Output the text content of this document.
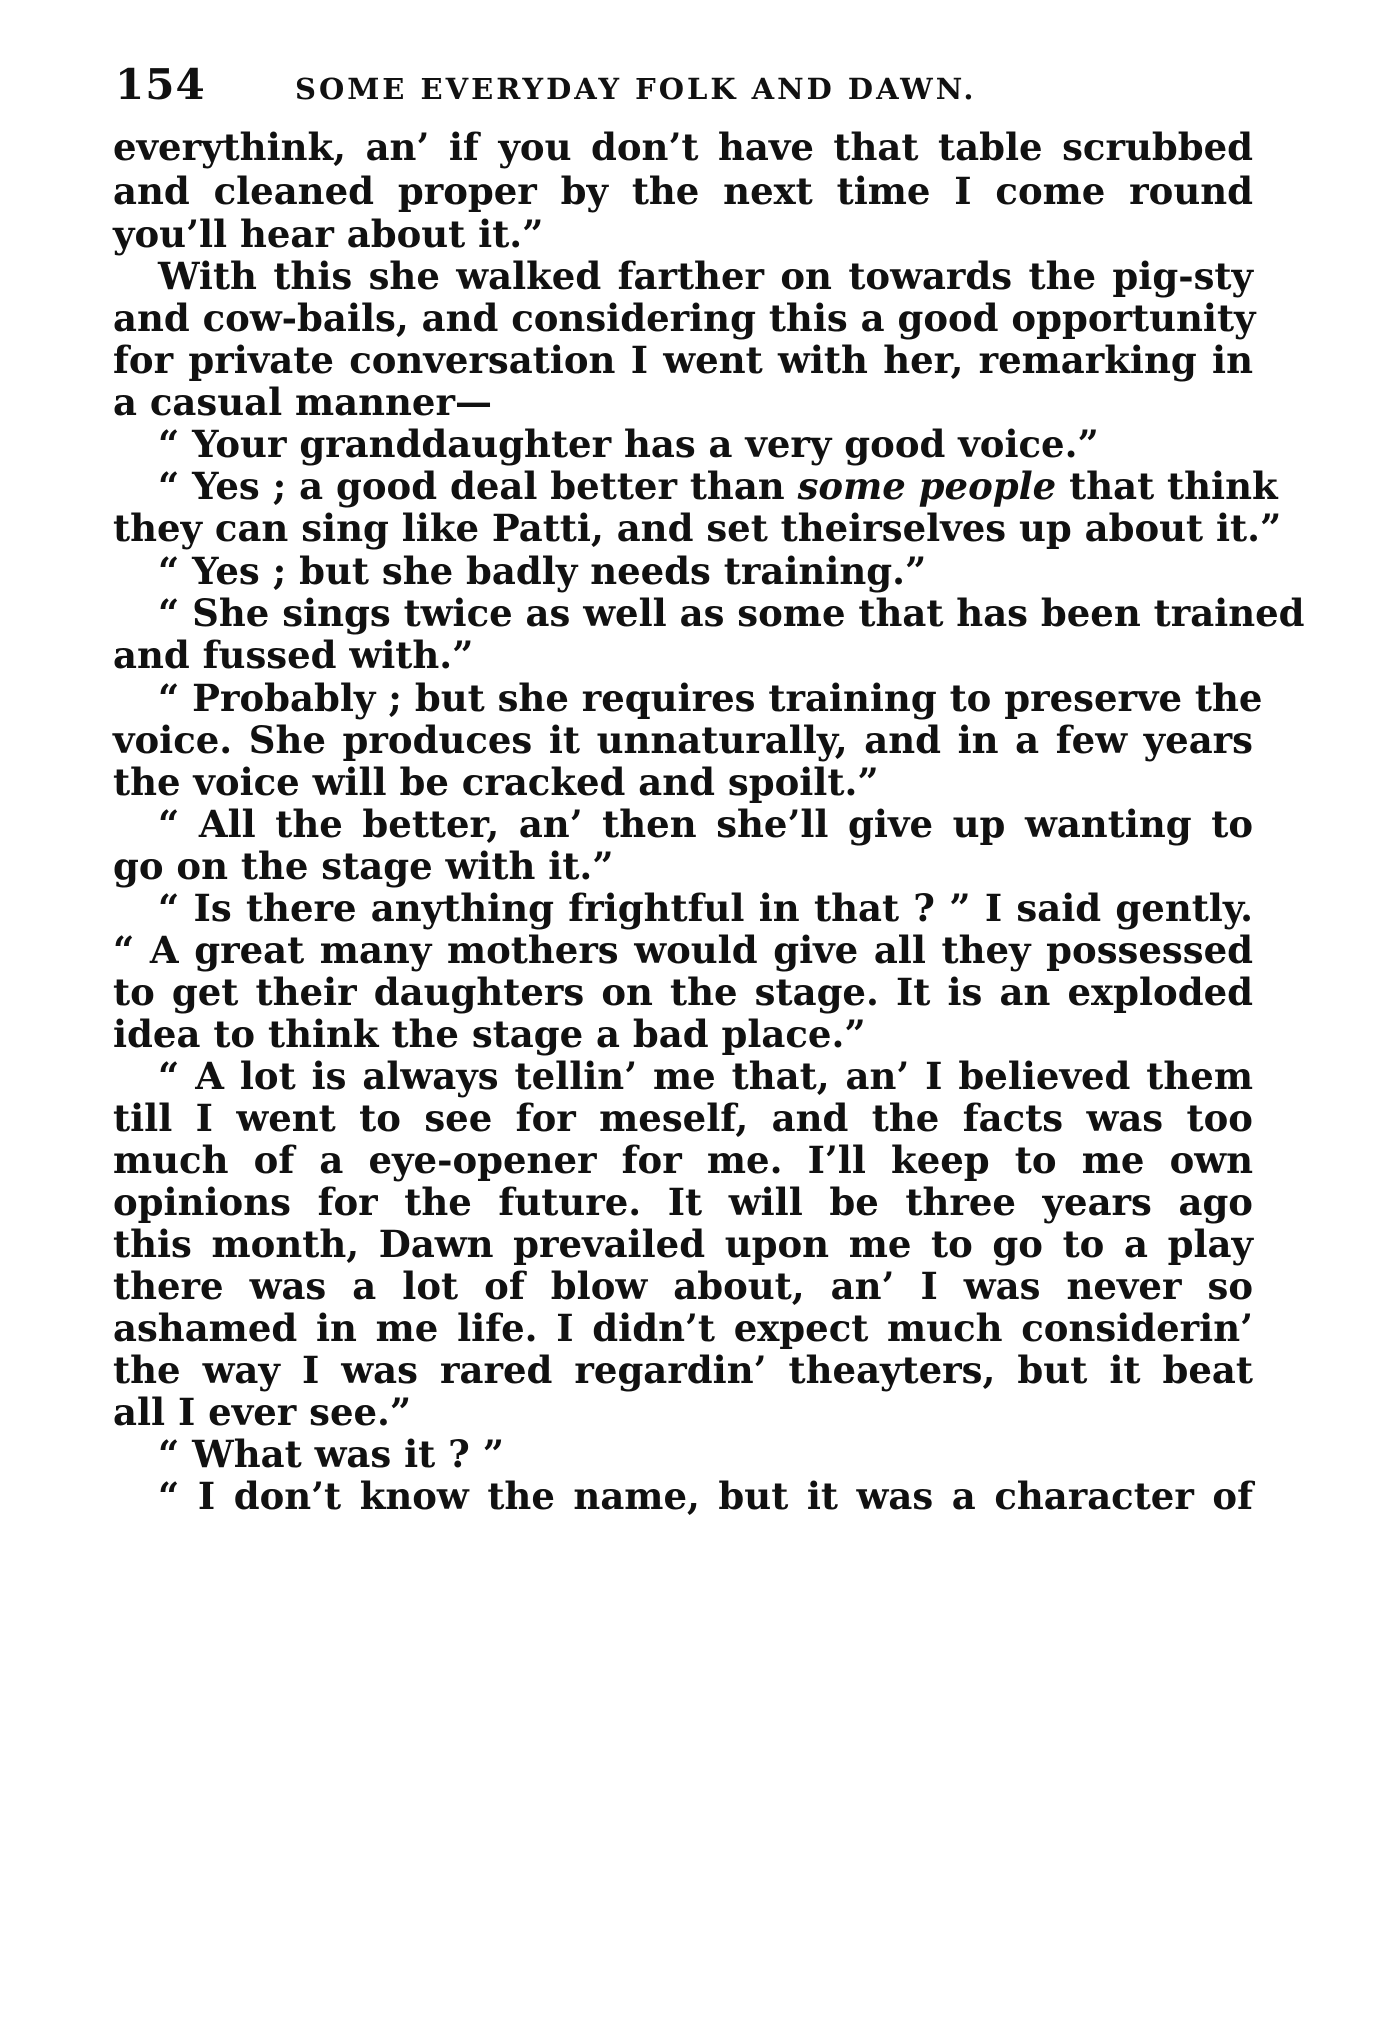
154	SOME EVERYDAY FOLK AND DAWN.
everythink, an’ if you don’t have that table scrubbed
and cleaned proper by the next time I come round
you’ll hear about it.”
With this she walked farther on towards the pig-sty
and cow-bails, and considering this a good opportunity
for private conversation I went with her, remarking in
a casual manner—
“ Your granddaughter has a very good voice.”
“ Yes ; a good deal better than some people that think
they can sing like Patti, and set theirselves up about it.”
“ Yes ; but she badly needs training.”
“ She sings twice as well as some that has been trained
and fussed with.”
“ Probably ; but she requires training to preserve the
voice. She produces it unnaturally, and in a few years
the voice will be cracked and spoilt.”
“ All the better, an’ then she’ll give up wanting to
go on the stage with it.”
“ Is there anything frightful in that ? ” I said gently.
“ A great many mothers would give all they possessed
to get their daughters on the stage. It is an exploded
idea to think the stage a bad place.”
“ A lot is always tellin’ me that, an’ I believed them
till I went to see for meself, and the facts was too
much of a eye-opener for me. I’ll keep to me own
opinions for the future. It will be three years ago
this month, Dawn prevailed upon me to go to a play
there was a lot of blow about, an’ I was never so
ashamed in me life. I didn’t expect much considerin’
the way I was rared regardin’ theayters, but it beat
all I ever see.”
“ What was it ? ”
“ I don’t know the name, but it was a character of
